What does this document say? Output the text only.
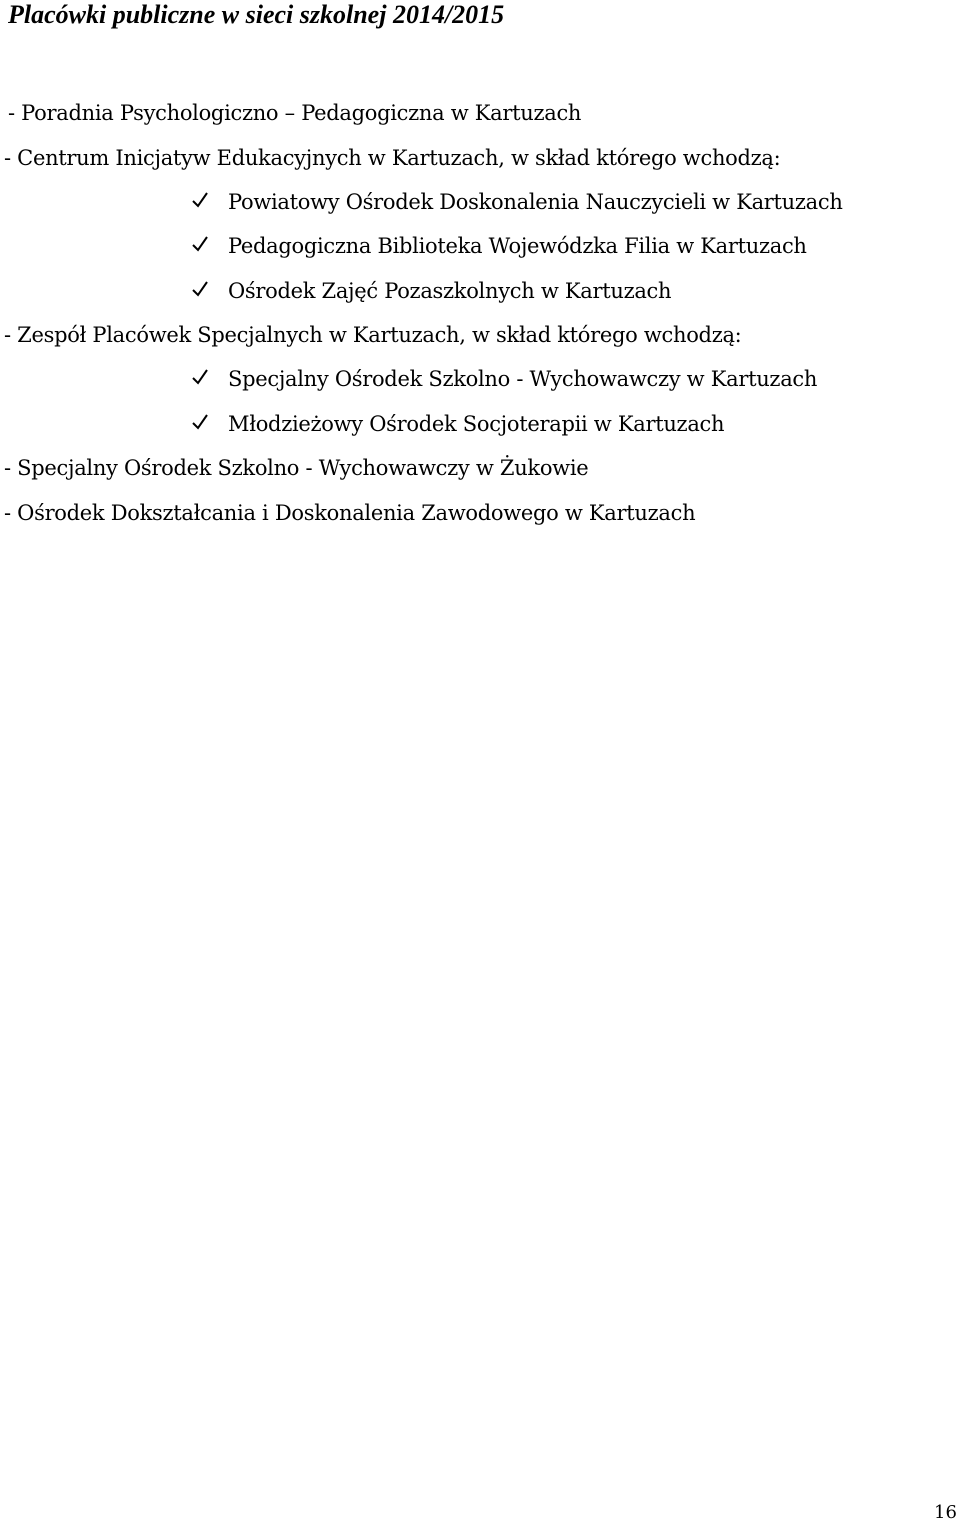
Placówki publiczne w sieci szkolnej 2014/2015

- Poradnia Psychologiczno – Pedagogiczna w Kartuzach

- Centrum Inicjatyw Edukacyjnych w Kartuzach, w skład którego wchodzą:

Powiatowy Ośrodek Doskonalenia Nauczycieli w Kartuzach
Pedagogiczna Biblioteka Wojewódzka Filia w Kartuzach
Ośrodek Zajęć Pozaszkolnych w Kartuzach

- Zespół Placówek Specjalnych w Kartuzach, w skład którego wchodzą:

Specjalny Ośrodek Szkolno - Wychowawczy w Kartuzach
Młodzieżowy Ośrodek Socjoterapii w Kartuzach

- Specjalny Ośrodek Szkolno - Wychowawczy w Żukowie

- Ośrodek Dokształcania i Doskonalenia Zawodowego w Kartuzach

16
